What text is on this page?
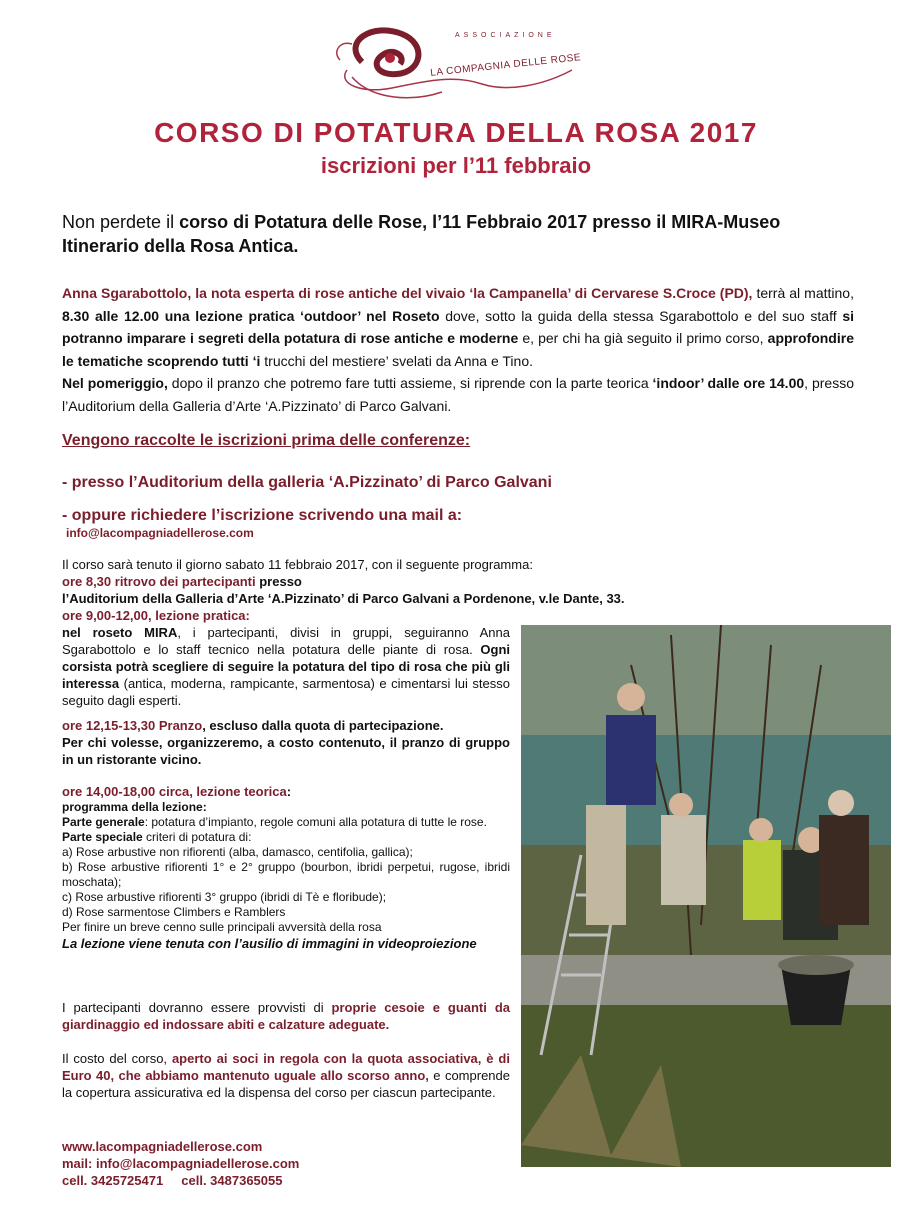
ASSOCIAZIONE
LA COMPAGNIA DELLE ROSE
CORSO DI POTATURA DELLA ROSA 2017
iscrizioni per l’11 febbraio
Non perdete il corso di Potatura delle Rose, l’11 Febbraio 2017 presso il MIRA-Museo Itinerario della Rosa Antica.
Anna Sgarabottolo, la nota esperta di rose antiche del vivaio ‘la Campanella’ di Cervarese S.Croce (PD), terrà al mattino, 8.30 alle 12.00 una lezione pratica ‘outdoor’ nel Roseto dove, sotto la guida della stessa Sgarabottolo e del suo staff si potranno imparare i segreti della potatura di rose antiche e moderne e, per chi ha già seguito il primo corso, approfondire le tematiche scoprendo tutti ‘i trucchi del mestiere’ svelati da Anna e Tino.
Nel pomeriggio, dopo il pranzo che potremo fare tutti assieme, si riprende con la parte teorica ‘indoor’ dalle ore 14.00, presso l’Auditorium della Galleria d’Arte ‘A.Pizzinato’ di Parco Galvani.
Vengono raccolte le iscrizioni prima delle conferenze:
- presso l’Auditorium della galleria ‘A.Pizzinato’ di Parco Galvani
- oppure richiedere l’iscrizione scrivendo una mail a:
info@lacompagniadellerose.com
Il corso sarà tenuto il giorno sabato 11 febbraio 2017, con il seguente programma:
ore 8,30 ritrovo dei partecipanti presso
l’Auditorium della Galleria d’Arte ‘A.Pizzinato’ di Parco Galvani a Pordenone, v.le Dante, 33.
ore 9,00-12,00, lezione pratica:
nel roseto MIRA, i partecipanti, divisi in gruppi, seguiranno Anna Sgarabottolo e lo staff tecnico nella potatura delle piante di rosa. Ogni corsista potrà scegliere di seguire la potatura del tipo di rosa che più gli interessa (antica, moderna, rampicante, sarmentosa) e cimentarsi lui stesso seguito dagli esperti.
ore 12,15-13,30 Pranzo, escluso dalla quota di partecipazione.
Per chi volesse, organizzeremo, a costo contenuto, il pranzo di gruppo in un ristorante vicino.
ore 14,00-18,00 circa, lezione teorica:
programma della lezione:
Parte generale: potatura d’impianto, regole comuni alla potatura di tutte le rose.
Parte speciale criteri di potatura di:
a) Rose arbustive non rifiorenti (alba, damasco, centifolia, gallica);
b) Rose arbustive rifiorenti 1° e 2° gruppo (bourbon, ibridi perpetui, rugose, ibridi moschata);
c) Rose arbustive rifiorenti 3° gruppo (ibridi di Tè e floribude);
d) Rose sarmentose Climbers e Ramblers
Per finire un breve cenno sulle principali avversità della rosa
La lezione viene tenuta con l’ausilio di immagini in videoproiezione
I partecipanti dovranno essere provvisti di proprie cesoie e guanti da giardinaggio ed indossare abiti e calzature adeguate.
Il costo del corso, aperto ai soci in regola con la quota associativa, è di Euro 40, che abbiamo mantenuto uguale allo scorso anno, e comprende la copertura assicurativa ed la dispensa del corso per ciascun partecipante.
www.lacompagniadellerose.com
mail: info@lacompagniadellerose.com
cell. 3425725471     cell. 3487365055
